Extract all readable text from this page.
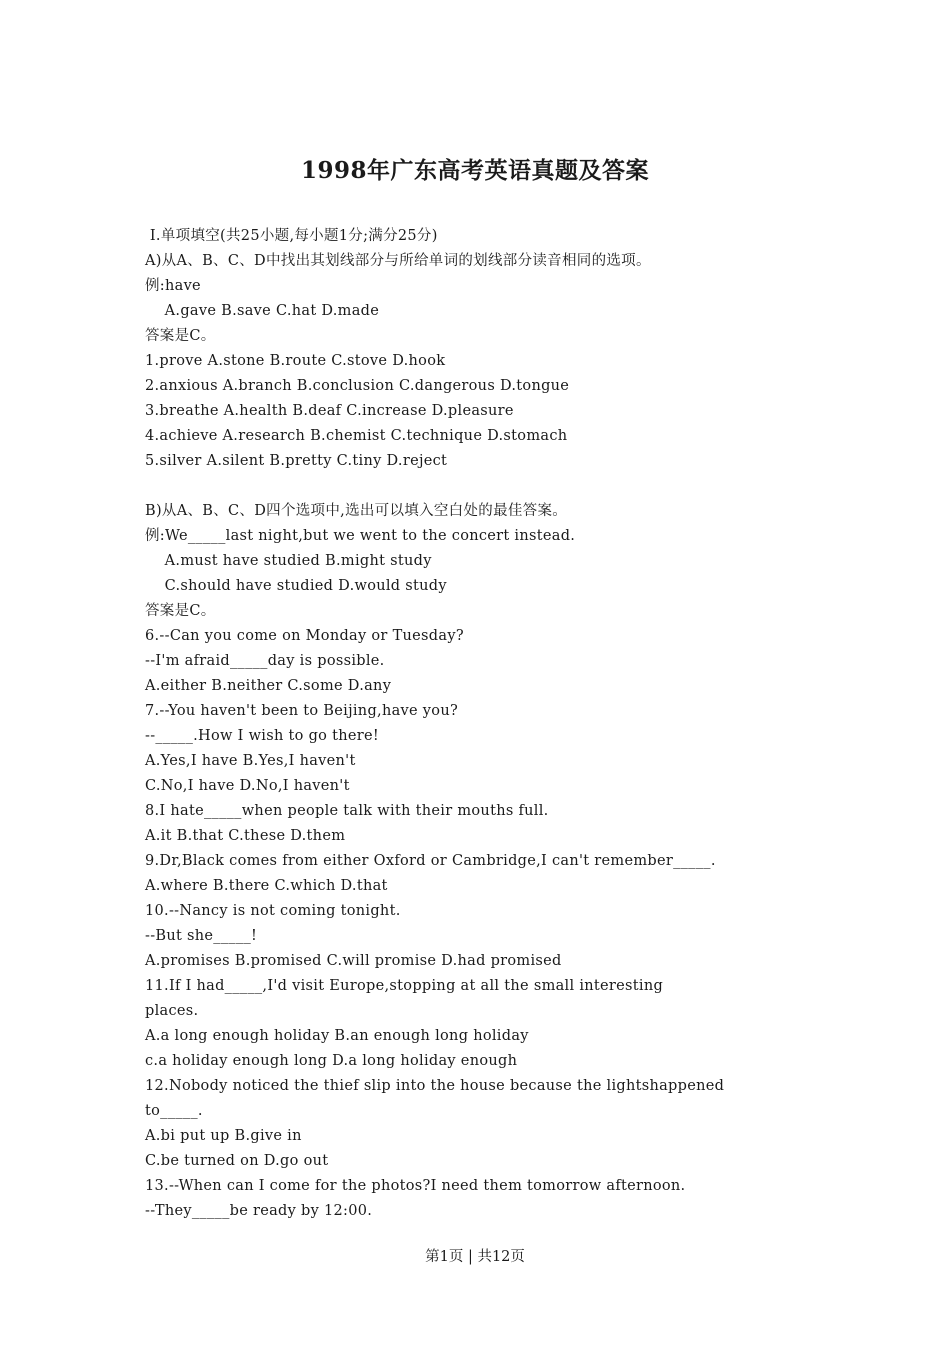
1998年广东高考英语真题及答案
Ⅰ.单项填空(共25小题,每小题1分;满分25分)
A)从A、B、C、D中找出其划线部分与所给单词的划线部分读音相同的选项。
例:have
A.gave B.save C.hat D.made
答案是C。
1.prove A.stone B.route C.stove D.hook
2.anxious A.branch B.conclusion C.dangerous D.tongue
3.breathe A.health B.deaf C.increase D.pleasure
4.achieve A.research B.chemist C.technique D.stomach
5.silver A.silent B.pretty C.tiny D.reject
B)从A、B、C、D四个选项中,选出可以填入空白处的最佳答案。
例:We_____last night,but we went to the concert instead.
A.must have studied B.might study
C.should have studied D.would study
答案是C。
6.--Can you come on Monday or Tuesday?
--I'm afraid_____day is possible.
A.either B.neither C.some D.any
7.--You haven't been to Beijing,have you?
--_____.How I wish to go there!
A.Yes,I have B.Yes,I haven't
C.No,I have D.No,I haven't
8.I hate_____when people talk with their mouths full.
A.it B.that C.these D.them
9.Dr,Black comes from either Oxford or Cambridge,I can't remember_____.
A.where B.there C.which D.that
10.--Nancy is not coming tonight.
--But she_____!
A.promises B.promised C.will promise D.had promised
11.If I had_____,I'd visit Europe,stopping at all the small interesting
places.
A.a long enough holiday B.an enough long holiday
c.a holiday enough long D.a long holiday enough
12.Nobody noticed the thief slip into the house because the lightshappened
to_____.
A.bi put up B.give in
C.be turned on D.go out
13.--When can I come for the photos?I need them tomorrow afternoon.
--They_____be ready by 12:00.
第1页 | 共12页
